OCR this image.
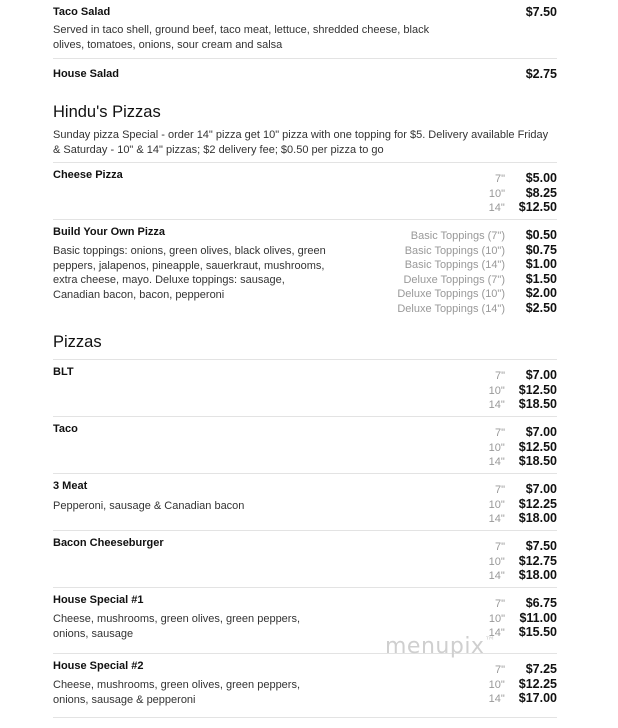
Taco Salad
Served in taco shell, ground beef, taco meat, lettuce, shredded cheese, black olives, tomatoes, onions, sour cream and salsa
$7.50
House Salad	$2.75
Hindu's Pizzas
Sunday pizza Special - order 14" pizza get 10" pizza with one topping for $5. Delivery available Friday & Saturday - 10" & 14" pizzas; $2 delivery fee; $0.50 per pizza to go
Cheese Pizza	7"	$5.00
10"	$8.25
14" $12.50
Build Your Own Pizza
Basic toppings: onions, green olives, black olives, green peppers, jalapenos, pineapple, sauerkraut, mushrooms, extra cheese, mayo. Deluxe toppings: sausage, Canadian bacon, bacon, pepperoni
Basic Toppings (7")	$0.50
Basic Toppings (10")	$0.75
Basic Toppings (14")	$1.00
Deluxe Toppings (7")	$1.50
Deluxe Toppings (10")	$2.00
Deluxe Toppings (14")	$2.50
Pizzas
BLT	7"	$7.00
10" $12.50
14" $18.50
Taco	7"	$7.00
10" $12.50
14" $18.50
3 Meat
Pepperoni, sausage & Canadian bacon
7"	$7.00
10" $12.25
14" $18.00
Bacon Cheeseburger	7"	$7.50
10" $12.75
14" $18.00
House Special #1
Cheese, mushrooms, green olives, green peppers, onions, sausage
7"	$6.75
10" $11.00
14" $15.50
House Special #2
Cheese, mushrooms, green olives, green peppers, onions, sausage & pepperoni
7"	$7.25
10" $12.25
14" $17.00
menupix™
